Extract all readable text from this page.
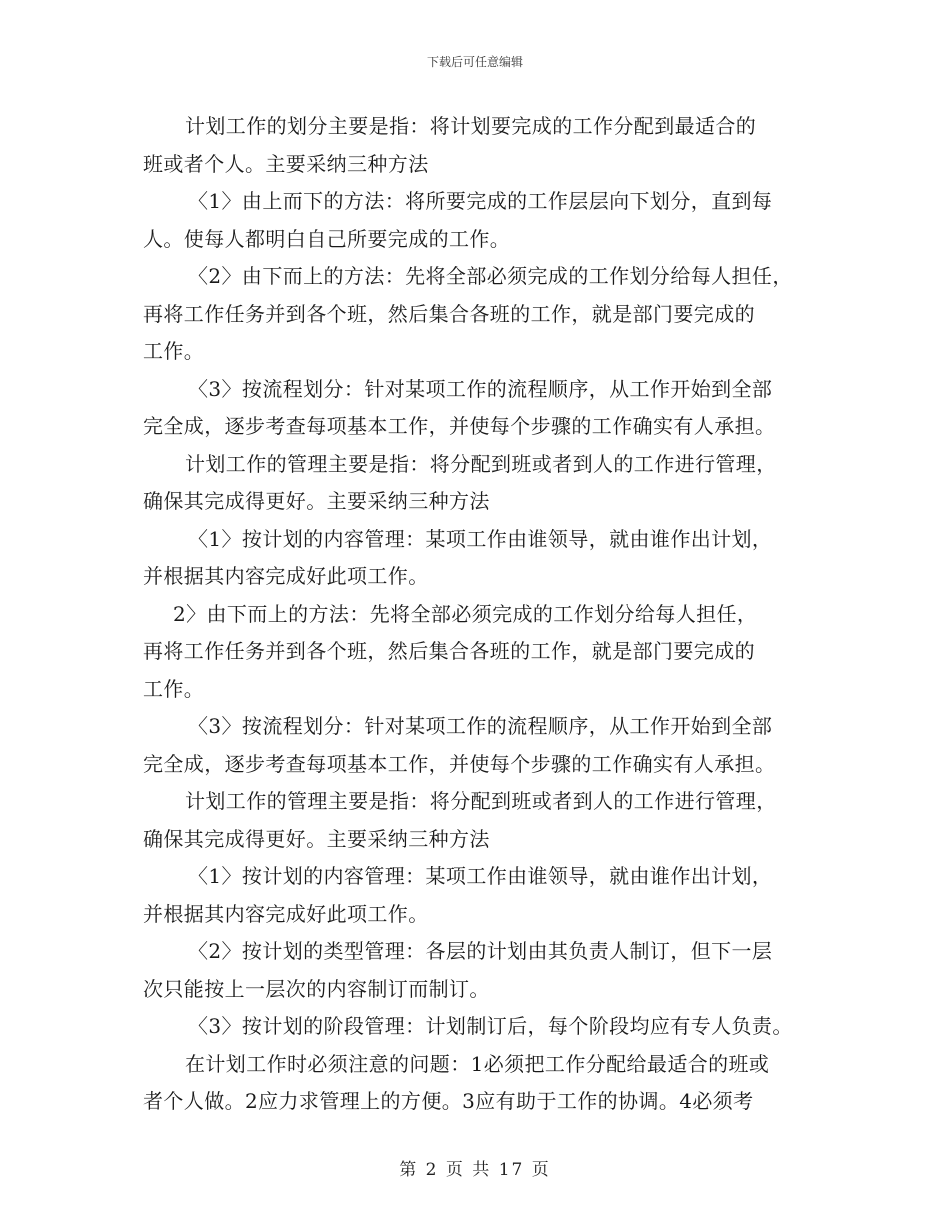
下载后可任意编辑

计划工作的划分主要是指：将计划要完成的工作分配到最适合的
班或者个人。主要采纳三种方法

〈1〉由上而下的方法：将所要完成的工作层层向下划分，直到每
人。使每人都明白自己所要完成的工作。

〈2〉由下而上的方法：先将全部必须完成的工作划分给每人担任，
再将工作任务并到各个班，然后集合各班的工作，就是部门要完成的
工作。

〈3〉按流程划分：针对某项工作的流程顺序，从工作开始到全部
完全成，逐步考查每项基本工作，并使每个步骤的工作确实有人承担。

计划工作的管理主要是指：将分配到班或者到人的工作进行管理，
确保其完成得更好。主要采纳三种方法

〈1〉按计划的内容管理：某项工作由谁领导，就由谁作出计划，
并根据其内容完成好此项工作。

2〉由下而上的方法：先将全部必须完成的工作划分给每人担任，
再将工作任务并到各个班，然后集合各班的工作，就是部门要完成的
工作。

〈3〉按流程划分：针对某项工作的流程顺序，从工作开始到全部
完全成，逐步考查每项基本工作，并使每个步骤的工作确实有人承担。

计划工作的管理主要是指：将分配到班或者到人的工作进行管理，
确保其完成得更好。主要采纳三种方法

〈1〉按计划的内容管理：某项工作由谁领导，就由谁作出计划，
并根据其内容完成好此项工作。

〈2〉按计划的类型管理：各层的计划由其负责人制订，但下一层
次只能按上一层次的内容制订而制订。

〈3〉按计划的阶段管理：计划制订后，每个阶段均应有专人负责。

在计划工作时必须注意的问题：1必须把工作分配给最适合的班或
者个人做。2应力求管理上的方便。3应有助于工作的协调。4必须考

第 2 页 共 17 页
